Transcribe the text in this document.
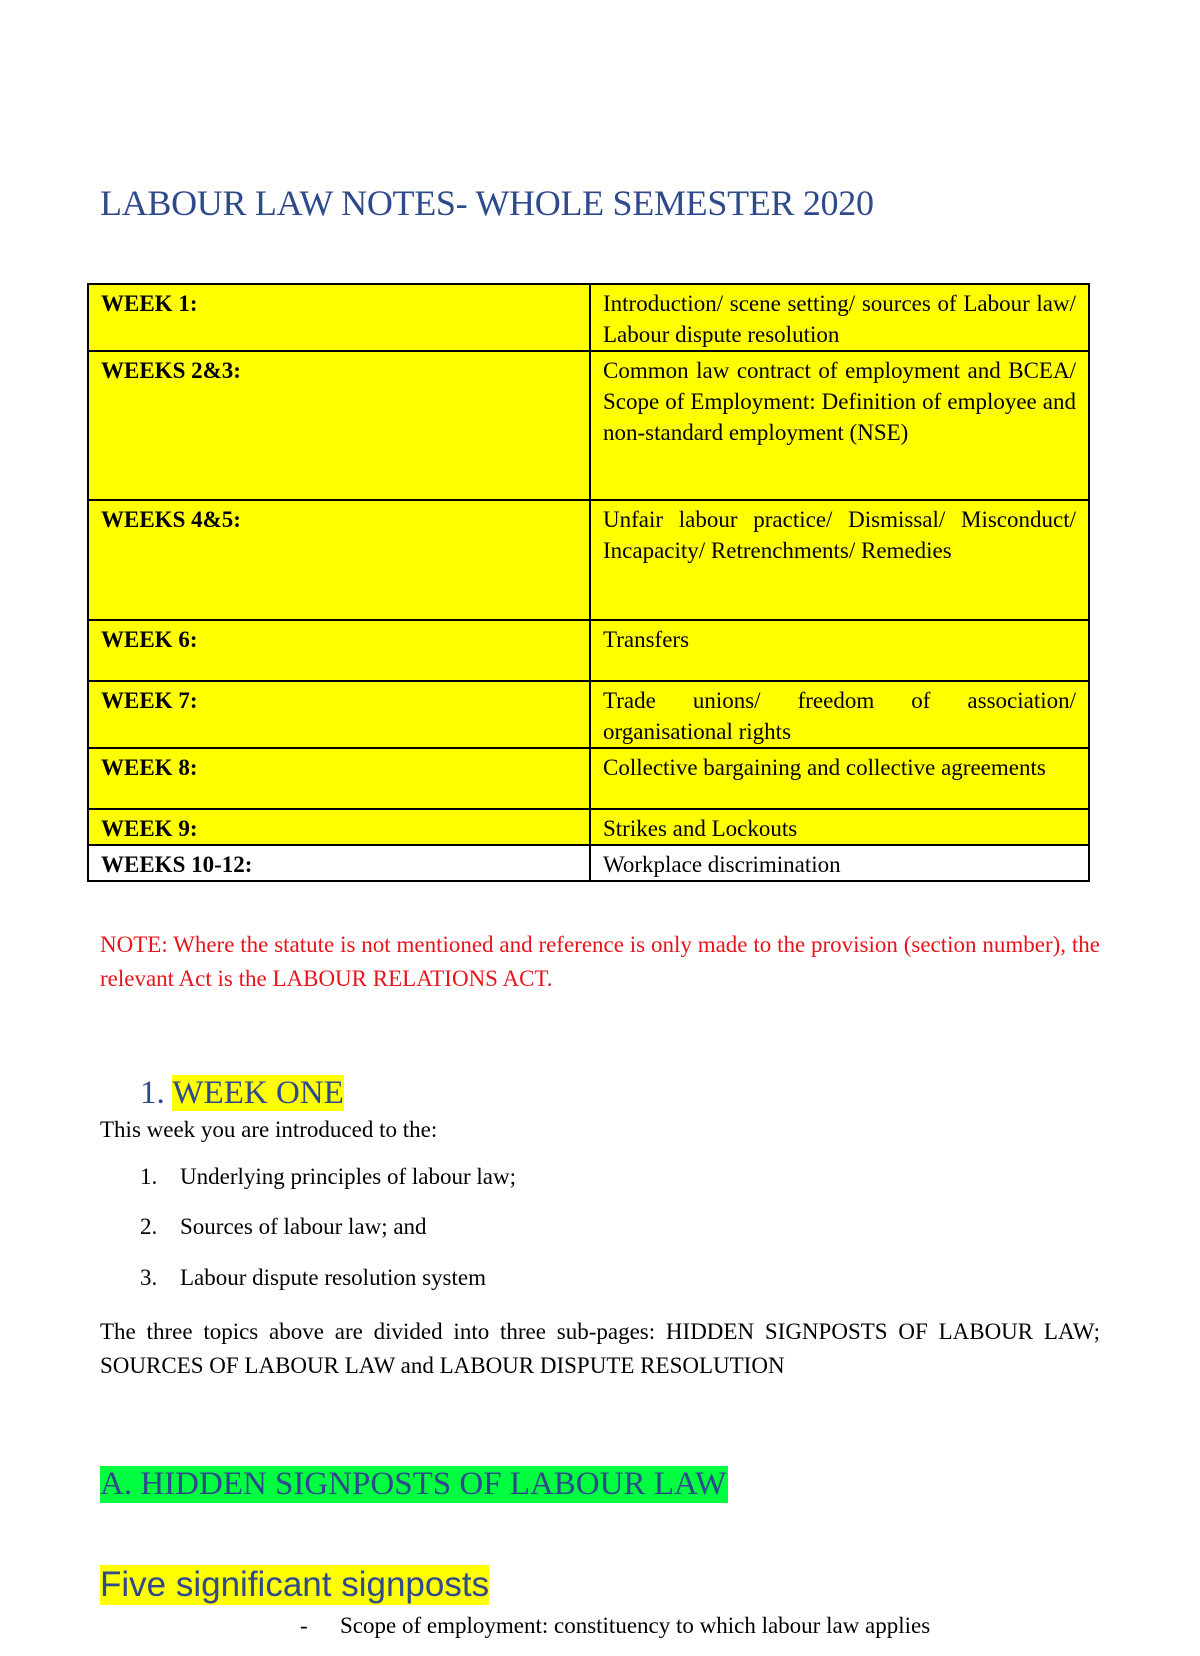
LABOUR LAW NOTES- WHOLE SEMESTER 2020
WEEK 1:	Introduction/ scene setting/ sources of Labour law/ Labour dispute resolution
WEEKS 2&3:	Common law contract of employment and BCEA/ Scope of Employment: Definition of employee and non-standard employment (NSE)
WEEKS 4&5:	Unfair labour practice/ Dismissal/ Misconduct/ Incapacity/ Retrenchments/ Remedies
WEEK 6:	Transfers
WEEK 7:	Trade unions/ freedom of association/ organisational rights
WEEK 8:	Collective bargaining and collective agreements
WEEK 9:	Strikes and Lockouts
WEEKS 10-12:	Workplace discrimination
NOTE: Where the statute is not mentioned and reference is only made to the provision (section number), the relevant Act is the LABOUR RELATIONS ACT.
1. WEEK ONE
This week you are introduced to the:
1. Underlying principles of labour law;
2. Sources of labour law; and
3. Labour dispute resolution system
The three topics above are divided into three sub-pages: HIDDEN SIGNPOSTS OF LABOUR LAW; SOURCES OF LABOUR LAW and LABOUR DISPUTE RESOLUTION
A. HIDDEN SIGNPOSTS OF LABOUR LAW
Five significant signposts
- Scope of employment: constituency to which labour law applies
